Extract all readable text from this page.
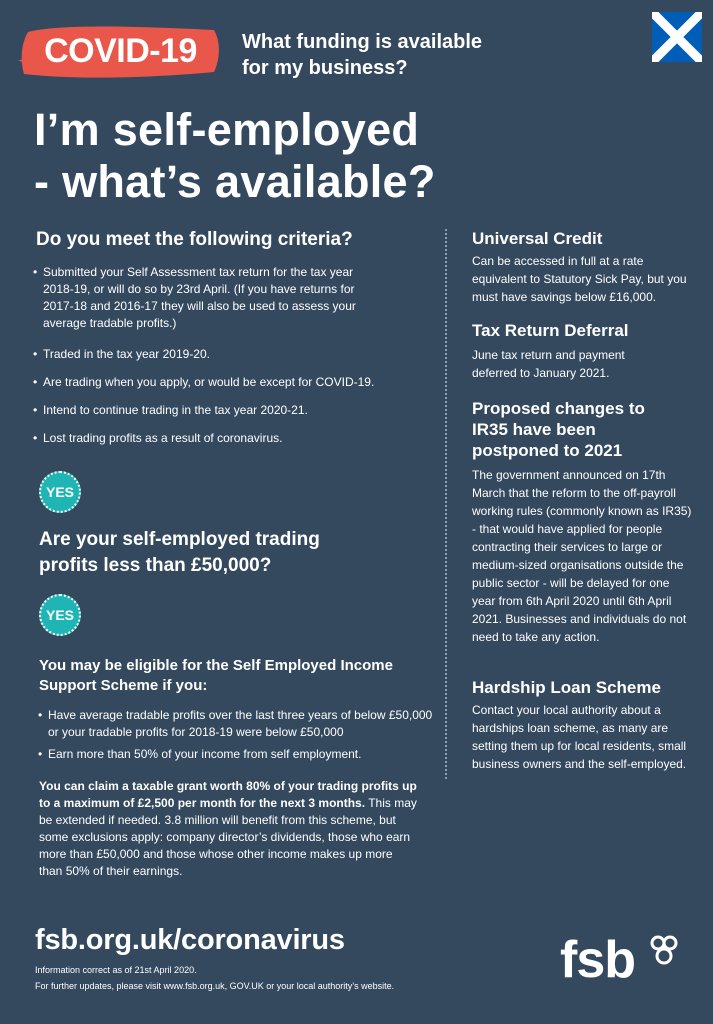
COVID-19	What funding is available
for my business?
I’m self-employed
- what’s available?
Do you meet the following criteria?
• Submitted your Self Assessment tax return for the tax year 2018-19, or will do so by 23rd April. (If you have returns for 2017-18 and 2016-17 they will also be used to assess your average tradable profits.)
• Traded in the tax year 2019-20.
• Are trading when you apply, or would be except for COVID-19.
• Intend to continue trading in the tax year 2020-21.
• Lost trading profits as a result of coronavirus.
YES
Are your self-employed trading profits less than £50,000?
YES
You may be eligible for the Self Employed Income Support Scheme if you:
• Have average tradable profits over the last three years of below £50,000 or your tradable profits for 2018-19 were below £50,000
• Earn more than 50% of your income from self employment.
You can claim a taxable grant worth 80% of your trading profits up to a maximum of £2,500 per month for the next 3 months. This may be extended if needed. 3.8 million will benefit from this scheme, but some exclusions apply: company director’s dividends, those who earn more than £50,000 and those whose other income makes up more than 50% of their earnings.
Universal Credit
Can be accessed in full at a rate equivalent to Statutory Sick Pay, but you must have savings below £16,000.
Tax Return Deferral
June tax return and payment deferred to January 2021.
Proposed changes to IR35 have been postponed to 2021
The government announced on 17th March that the reform to the off-payroll working rules (commonly known as IR35) - that would have applied for people contracting their services to large or medium-sized organisations outside the public sector - will be delayed for one year from 6th April 2020 until 6th April 2021. Businesses and individuals do not need to take any action.
Hardship Loan Scheme
Contact your local authority about a hardships loan scheme, as many are setting them up for local residents, small business owners and the self-employed.
fsb.org.uk/coronavirus
Information correct as of 21st April 2020.
For further updates, please visit www.fsb.org.uk, GOV.UK or your local authority’s website.	fsb
